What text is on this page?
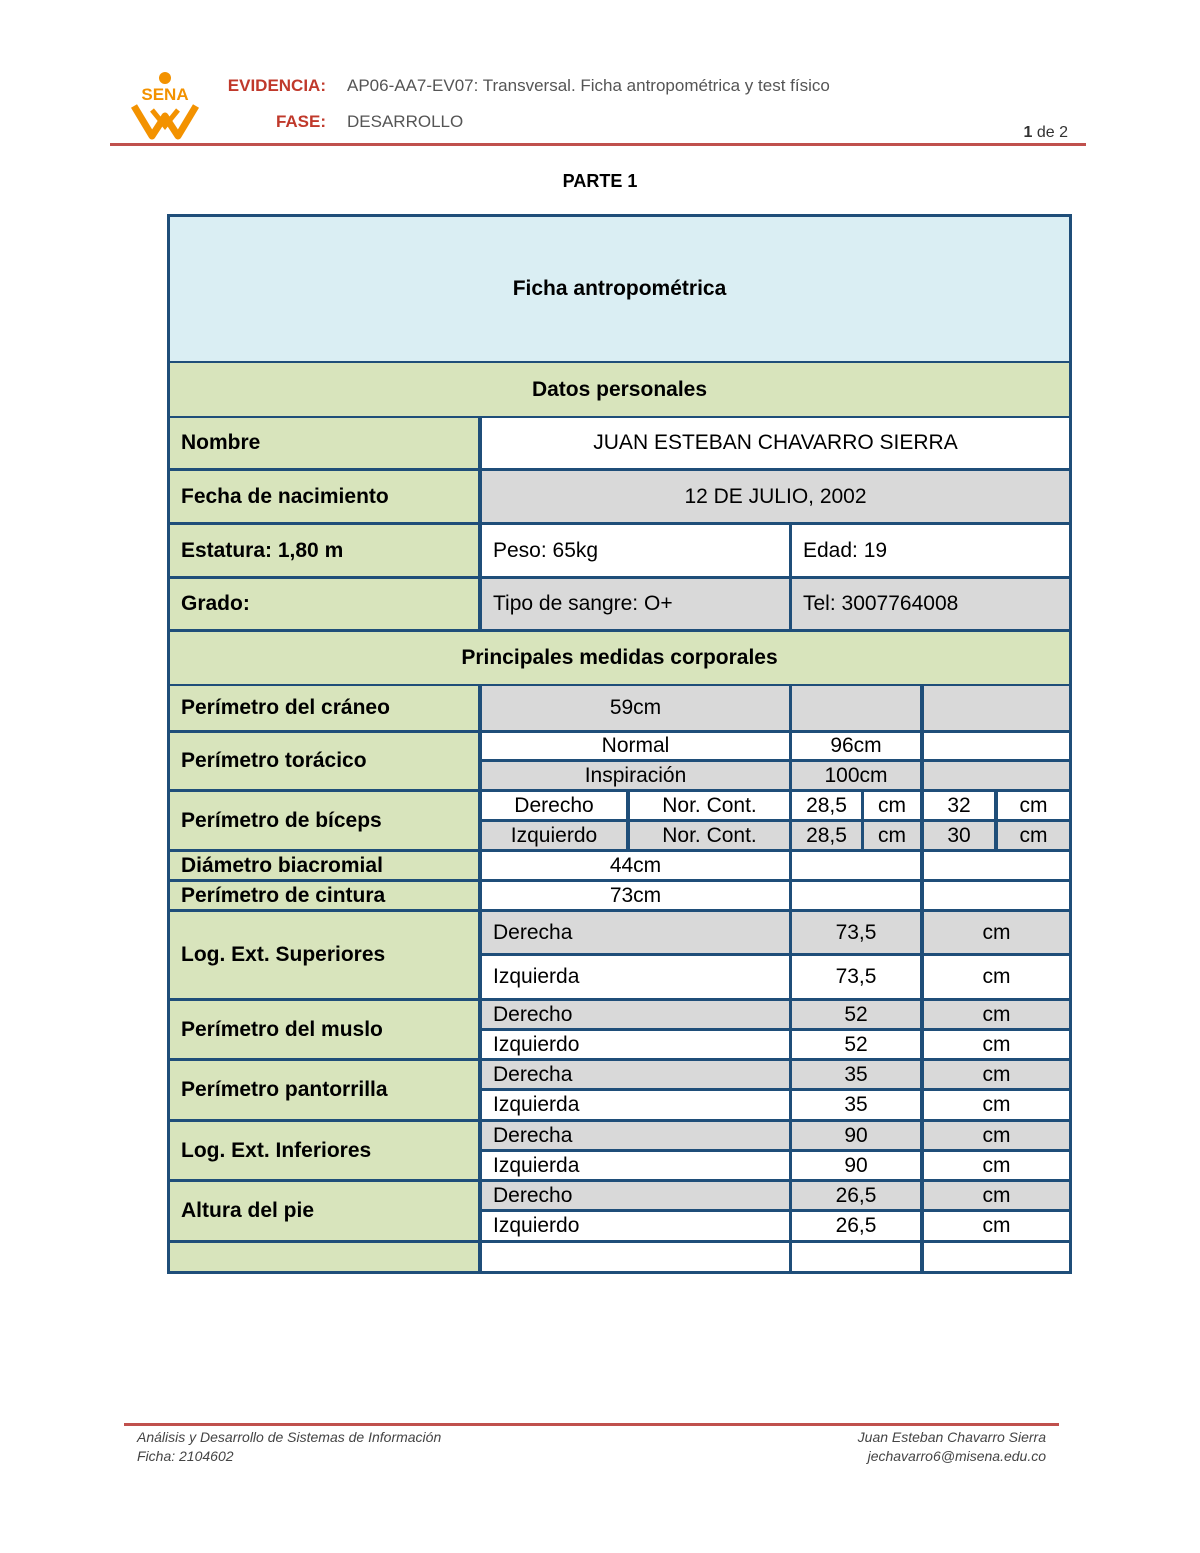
SENA	EVIDENCIA: AP06-AA7-EV07: Transversal. Ficha antropométrica y test físico
FASE: DESARROLLO
1 de 2
PARTE 1
Ficha antropométrica
Datos personales
Nombre	JUAN ESTEBAN CHAVARRO SIERRA
Fecha de nacimiento	12 DE JULIO, 2002
Estatura: 1,80 m	Peso: 65kg	Edad: 19
Grado:	Tipo de sangre: O+	Tel: 3007764008
Principales medidas corporales
Perímetro del cráneo	59cm
Perímetro torácico
Normal	96cm
Inspiración	100cm
Perímetro de bíceps
Derecho	Nor. Cont.	28,5	cm	32	cm
Izquierdo	Nor. Cont.	28,5	cm	30	cm
Diámetro biacromial	44cm
Perímetro de cintura	73cm
Log. Ext. Superiores
Derecha	73,5	cm
Izquierda	73,5	cm
Perímetro del muslo
Derecho	52	cm
Izquierdo	52	cm
Perímetro pantorrilla
Derecha	35	cm
Izquierda	35	cm
Log. Ext. Inferiores
Derecha	90	cm
Izquierda	90	cm
Altura del pie
Derecho	26,5	cm
Izquierdo	26,5	cm
Análisis y Desarrollo de Sistemas de Información
Ficha: 2104602
Juan Esteban Chavarro Sierra
jechavarro6@misena.edu.co
